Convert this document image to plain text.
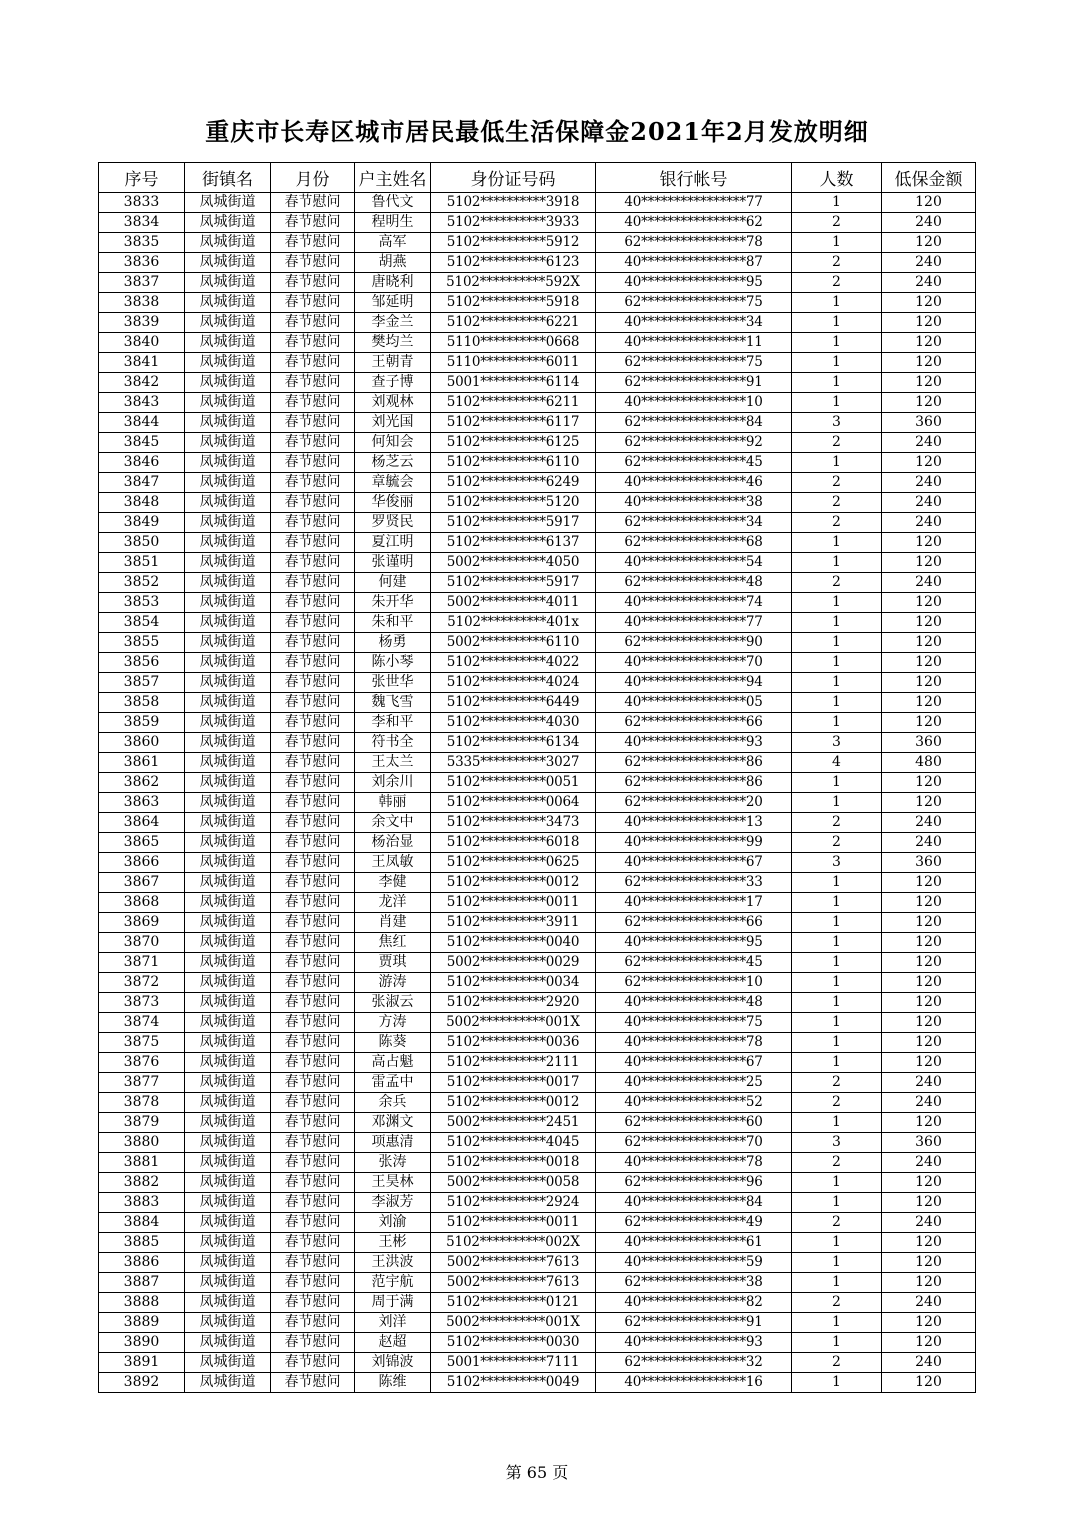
重庆市长寿区城市居民最低生活保障金2021年2月发放明细
序号	街镇名	月份	户主姓名	身份证号码	银行帐号	人数	低保金额
3833	凤城街道	春节慰问	鲁代文	5102**********3918	40****************77	1	120
3834	凤城街道	春节慰问	程明生	5102**********3933	40****************62	2	240
3835	凤城街道	春节慰问	高军	5102**********5912	62****************78	1	120
3836	凤城街道	春节慰问	胡燕	5102**********6123	40****************87	2	240
3837	凤城街道	春节慰问	唐晓利	5102**********592X	40****************95	2	240
3838	凤城街道	春节慰问	邹延明	5102**********5918	62****************75	1	120
3839	凤城街道	春节慰问	李金兰	5102**********6221	40****************34	1	120
3840	凤城街道	春节慰问	樊均兰	5110**********0668	40****************11	1	120
3841	凤城街道	春节慰问	王朝青	5110**********6011	62****************75	1	120
3842	凤城街道	春节慰问	查子博	5001**********6114	62****************91	1	120
3843	凤城街道	春节慰问	刘观林	5102**********6211	40****************10	1	120
3844	凤城街道	春节慰问	刘光国	5102**********6117	62****************84	3	360
3845	凤城街道	春节慰问	何知会	5102**********6125	62****************92	2	240
3846	凤城街道	春节慰问	杨芝云	5102**********6110	62****************45	1	120
3847	凤城街道	春节慰问	章毓会	5102**********6249	40****************46	2	240
3848	凤城街道	春节慰问	华俊丽	5102**********5120	40****************38	2	240
3849	凤城街道	春节慰问	罗贤民	5102**********5917	62****************34	2	240
3850	凤城街道	春节慰问	夏江明	5102**********6137	62****************68	1	120
3851	凤城街道	春节慰问	张谨明	5002**********4050	40****************54	1	120
3852	凤城街道	春节慰问	何建	5102**********5917	62****************48	2	240
3853	凤城街道	春节慰问	朱开华	5002**********4011	40****************74	1	120
3854	凤城街道	春节慰问	朱和平	5102**********401x	40****************77	1	120
3855	凤城街道	春节慰问	杨勇	5002**********6110	62****************90	1	120
3856	凤城街道	春节慰问	陈小琴	5102**********4022	40****************70	1	120
3857	凤城街道	春节慰问	张世华	5102**********4024	40****************94	1	120
3858	凤城街道	春节慰问	魏飞雪	5102**********6449	40****************05	1	120
3859	凤城街道	春节慰问	李和平	5102**********4030	62****************66	1	120
3860	凤城街道	春节慰问	符书全	5102**********6134	40****************93	3	360
3861	凤城街道	春节慰问	王太兰	5335**********3027	62****************86	4	480
3862	凤城街道	春节慰问	刘余川	5102**********0051	62****************86	1	120
3863	凤城街道	春节慰问	韩丽	5102**********0064	62****************20	1	120
3864	凤城街道	春节慰问	余文中	5102**********3473	40****************13	2	240
3865	凤城街道	春节慰问	杨治显	5102**********6018	40****************99	2	240
3866	凤城街道	春节慰问	王凤敏	5102**********0625	40****************67	3	360
3867	凤城街道	春节慰问	李健	5102**********0012	62****************33	1	120
3868	凤城街道	春节慰问	龙洋	5102**********0011	40****************17	1	120
3869	凤城街道	春节慰问	肖建	5102**********3911	62****************66	1	120
3870	凤城街道	春节慰问	焦红	5102**********0040	40****************95	1	120
3871	凤城街道	春节慰问	贾琪	5002**********0029	62****************45	1	120
3872	凤城街道	春节慰问	游涛	5102**********0034	62****************10	1	120
3873	凤城街道	春节慰问	张淑云	5102**********2920	40****************48	1	120
3874	凤城街道	春节慰问	方涛	5002**********001X	40****************75	1	120
3875	凤城街道	春节慰问	陈葵	5102**********0036	40****************78	1	120
3876	凤城街道	春节慰问	高占魁	5102**********2111	40****************67	1	120
3877	凤城街道	春节慰问	雷孟中	5102**********0017	40****************25	2	240
3878	凤城街道	春节慰问	余兵	5102**********0012	40****************52	2	240
3879	凤城街道	春节慰问	邓渊文	5002**********2451	62****************60	1	120
3880	凤城街道	春节慰问	项惠清	5102**********4045	62****************70	3	360
3881	凤城街道	春节慰问	张涛	5102**********0018	40****************78	2	240
3882	凤城街道	春节慰问	王昊林	5002**********0058	62****************96	1	120
3883	凤城街道	春节慰问	李淑芳	5102**********2924	40****************84	1	120
3884	凤城街道	春节慰问	刘渝	5102**********0011	62****************49	2	240
3885	凤城街道	春节慰问	王彬	5102**********002X	40****************61	1	120
3886	凤城街道	春节慰问	王洪波	5002**********7613	40****************59	1	120
3887	凤城街道	春节慰问	范宇航	5002**********7613	62****************38	1	120
3888	凤城街道	春节慰问	周于满	5102**********0121	40****************82	2	240
3889	凤城街道	春节慰问	刘洋	5002**********001X	62****************91	1	120
3890	凤城街道	春节慰问	赵超	5102**********0030	40****************93	1	120
3891	凤城街道	春节慰问	刘锦波	5001**********7111	62****************32	2	240
3892	凤城街道	春节慰问	陈维	5102**********0049	40****************16	1	120
第 65 页
